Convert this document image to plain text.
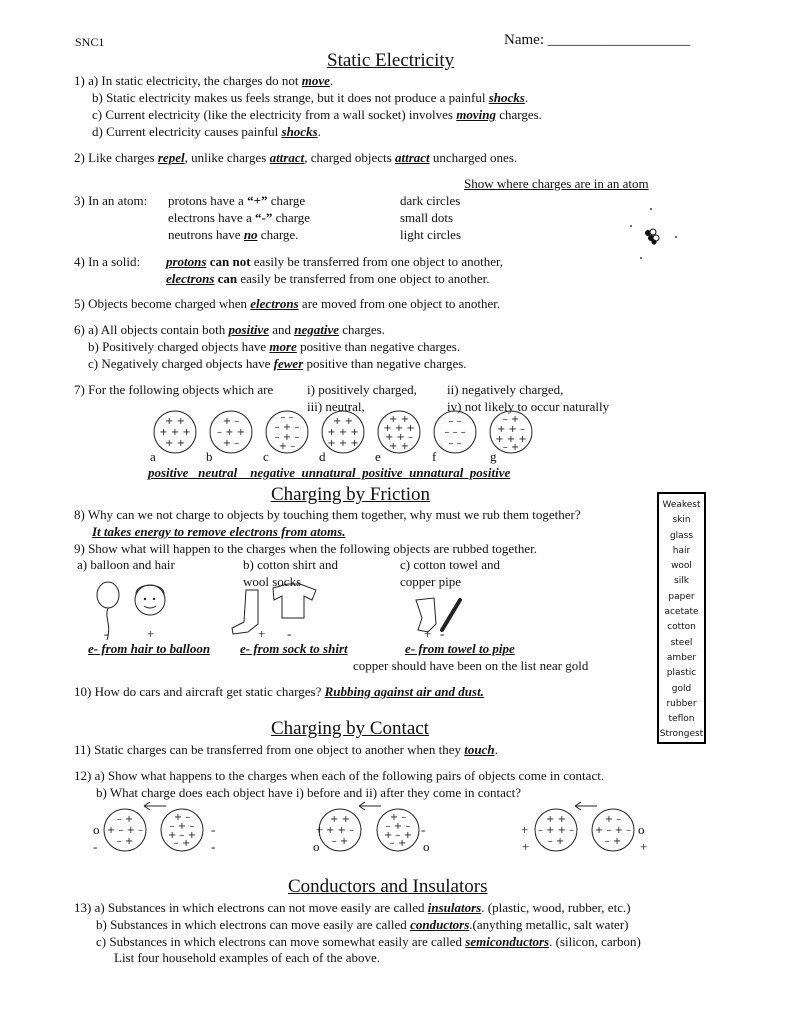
SNC1	Name: ___________________
Static Electricity
1) a) In static electricity, the charges do not move.
b) Static electricity makes us feels strange, but it does not produce a painful shocks.
c) Current electricity (like the electricity from a wall socket) involves moving charges.
d) Current electricity causes painful shocks.
2) Like charges repel, unlike charges attract, charged objects attract uncharged ones.
Show where charges are in an atom
3) In an atom: protons have a “+” charge	dark circles
electrons have a “-” charge	small dots
neutrons have no charge.	light circles
4) In a solid: protons can not easily be transferred from one object to another,
electrons can easily be transferred from one object to another.
5) Objects become charged when electrons are moved from one object to another.
6) a) All objects contain both positive and negative charges.
b) Positively charged objects have more positive than negative charges.
c) Negatively charged objects have fewer positive than negative charges.
7) For the following objects which are	i) positively charged, ii) negatively charged,
iii) neutral,	iv) not likely to occur naturally
+ +
+ + +
+ +
+ –
– + +
+ –
– –
– + –
– + –
+ –
+ +
+ + +
+ + +
+ +
+ + +
+ + –
+ +
– –
– – –
– –
– +
+ + –
+ + +
– +
a	b	c	d	e	f	g
positive   neutral    negative  unnatural  positive  unnatural  positive
Charging by Friction
8) Why can we not charge to objects by touching them together, why must we rub them together?
It takes energy to remove electrons from atoms.
9) Show what will happen to the charges when the following objects are rubbed together.
a) balloon and hair	b) cotton shirt and
wool socks
c) cotton towel and
copper pipe
-	+	+ -	+ -
e- from hair to balloon e- from sock to shirt	e- from towel to pipe
copper should have been on the list near gold
10) How do cars and aircraft get static charges? Rubbing against air and dust.
Weakest
skin
glass
hair
wool
silk
paper
acetate
cotton
steel
amber
plastic
gold
rubber
teflon
Strongest
Charging by Contact
11) Static charges can be transferred from one object to another when they touch.
12) a) Show what happens to the charges when each of the following pairs of objects come in contact.
b) What charge does each object have i) before and ii) after they come in contact?
– +
+ – + –
– +
+ –
– + –
+ – +
– +
+ +
+ + –
– +
+ –
– + –
+ – +
– +
+ +
– + + –
– +
+ –
+ – + –
– +
o
-
-
-
+	-
o	o
+	o
+	+
Conductors and Insulators
13) a) Substances in which electrons can not move easily are called insulators. (plastic, wood, rubber, etc.)
b) Substances in which electrons can move easily are called conductors.(anything metallic, salt water)
c) Substances in which electrons can move somewhat easily are called semiconductors. (silicon, carbon)
List four household examples of each of the above.
